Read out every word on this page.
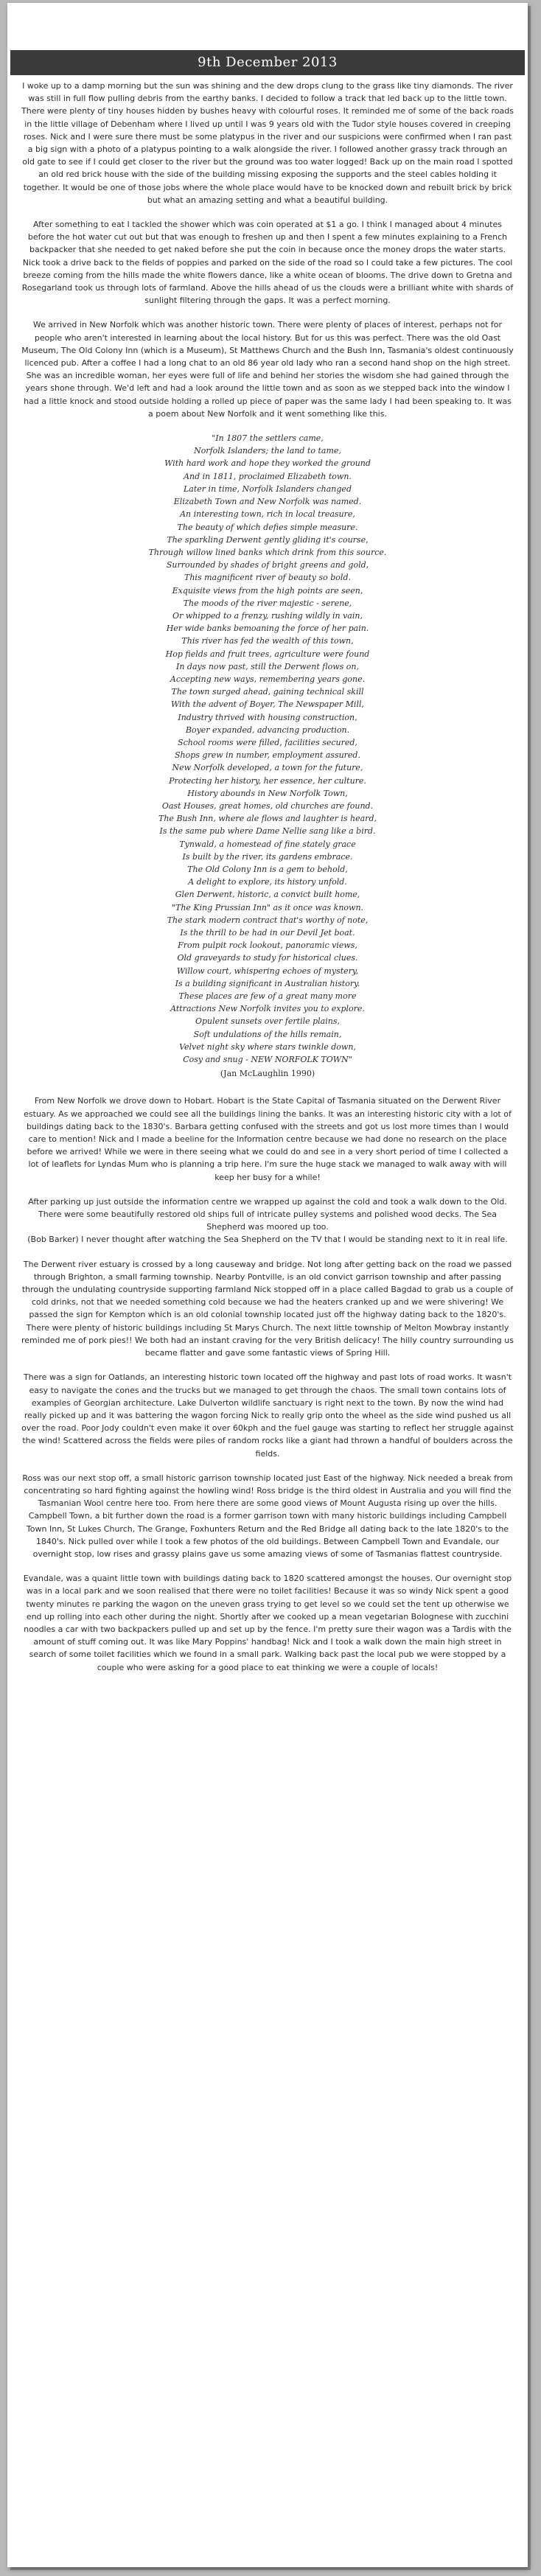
9th December 2013

I woke up to a damp morning but the sun was shining and the dew drops clung to the grass like tiny diamonds. The river was still in full flow pulling debris from the earthy banks. I decided to follow a track that led back up to the little town. There were plenty of tiny houses hidden by bushes heavy with colourful roses. It reminded me of some of the back roads in the little village of Debenham where I lived up until I was 9 years old with the Tudor style houses covered in creeping roses. Nick and I were sure there must be some platypus in the river and our suspicions were confirmed when I ran past a big sign with a photo of a platypus pointing to a walk alongside the river. I followed another grassy track through an old gate to see if I could get closer to the river but the ground was too water logged! Back up on the main road I spotted an old red brick house with the side of the building missing exposing the supports and the steel cables holding it together. It would be one of those jobs where the whole place would have to be knocked down and rebuilt brick by brick but what an amazing setting and what a beautiful building.

After something to eat I tackled the shower which was coin operated at $1 a go. I think I managed about 4 minutes before the hot water cut out but that was enough to freshen up and then I spent a few minutes explaining to a French backpacker that she needed to get naked before she put the coin in because once the money drops the water starts. Nick took a drive back to the fields of poppies and parked on the side of the road so I could take a few pictures. The cool breeze coming from the hills made the white flowers dance, like a white ocean of blooms. The drive down to Gretna and Rosegarland took us through lots of farmland. Above the hills ahead of us the clouds were a brilliant white with shards of sunlight filtering through the gaps. It was a perfect morning.

We arrived in New Norfolk which was another historic town. There were plenty of places of interest, perhaps not for people who aren't interested in learning about the local history. But for us this was perfect. There was the old Oast Museum, The Old Colony Inn (which is a Museum), St Matthews Church and the Bush Inn, Tasmania's oldest continuously licenced pub. After a coffee I had a long chat to an old 86 year old lady who ran a second hand shop on the high street. She was an incredible woman, her eyes were full of life and behind her stories the wisdom she had gained through the years shone through. We'd left and had a look around the little town and as soon as we stepped back into the window I had a little knock and stood outside holding a rolled up piece of paper was the same lady I had been speaking to. It was a poem about New Norfolk and it went something like this.

"In 1807 the settlers came,
Norfolk Islanders; the land to tame,
With hard work and hope they worked the ground
And in 1811, proclaimed Elizabeth town.
Later in time, Norfolk Islanders changed
Elizabeth Town and New Norfolk was named.
An interesting town, rich in local treasure,
The beauty of which defies simple measure.
The sparkling Derwent gently gliding it's course,
Through willow lined banks which drink from this source.
Surrounded by shades of bright greens and gold,
This magnificent river of beauty so bold.
Exquisite views from the high points are seen,
The moods of the river majestic - serene,
Or whipped to a frenzy, rushing wildly in vain,
Her wide banks bemoaning the force of her pain.
This river has fed the wealth of this town,
Hop fields and fruit trees, agriculture were found
In days now past, still the Derwent flows on,
Accepting new ways, remembering years gone.
The town surged ahead, gaining technical skill
With the advent of Boyer, The Newspaper Mill,
Industry thrived with housing construction,
Boyer expanded, advancing production.
School rooms were filled, facilities secured,
Shops grew in number, employment assured.
New Norfolk developed, a town for the future,
Protecting her history, her essence, her culture.
History abounds in New Norfolk Town,
Oast Houses, great homes, old churches are found.
The Bush Inn, where ale flows and laughter is heard,
Is the same pub where Dame Nellie sang like a bird.
Tynwald, a homestead of fine stately grace
Is built by the river, its gardens embrace.
The Old Colony Inn is a gem to behold,
A delight to explore, its history unfold.
Glen Derwent, historic, a convict built home,
"The King Prussian Inn" as it once was known.
The stark modern contract that's worthy of note,
Is the thrill to be had in our Devil Jet boat.
From pulpit rock lookout, panoramic views,
Old graveyards to study for historical clues.
Willow court, whispering echoes of mystery,
Is a building significant in Australian history.
These places are few of a great many more
Attractions New Norfolk invites you to explore.
Opulent sunsets over fertile plains,
Soft undulations of the hills remain,
Velvet night sky where stars twinkle down,
Cosy and snug - NEW NORFOLK TOWN"
(Jan McLaughlin 1990)

From New Norfolk we drove down to Hobart. Hobart is the State Capital of Tasmania situated on the Derwent River estuary. As we approached we could see all the buildings lining the banks. It was an interesting historic city with a lot of buildings dating back to the 1830's. Barbara getting confused with the streets and got us lost more times than I would care to mention! Nick and I made a beeline for the Information centre because we had done no research on the place before we arrived! While we were in there seeing what we could do and see in a very short period of time I collected a lot of leaflets for Lyndas Mum who is planning a trip here. I'm sure the huge stack we managed to walk away with will keep her busy for a while!

After parking up just outside the information centre we wrapped up against the cold and took a walk down to the Old. There were some beautifully restored old ships full of intricate pulley systems and polished wood decks. The Sea Shepherd was moored up too.
(Bob Barker) I never thought after watching the Sea Shepherd on the TV that I would be standing next to it in real life.

The Derwent river estuary is crossed by a long causeway and bridge. Not long after getting back on the road we passed through Brighton, a small farming township. Nearby Pontville, is an old convict garrison township and after passing through the undulating countryside supporting farmland Nick stopped off in a place called Bagdad to grab us a couple of cold drinks, not that we needed something cold because we had the heaters cranked up and we were shivering! We passed the sign for Kempton which is an old colonial township located just off the highway dating back to the 1820's. There were plenty of historic buildings including St Marys Church. The next little township of Melton Mowbray instantly reminded me of pork pies!! We both had an instant craving for the very British delicacy! The hilly country surrounding us became flatter and gave some fantastic views of Spring Hill.

There was a sign for Oatlands, an interesting historic town located off the highway and past lots of road works. It wasn't easy to navigate the cones and the trucks but we managed to get through the chaos. The small town contains lots of examples of Georgian architecture. Lake Dulverton wildlife sanctuary is right next to the town. By now the wind had really picked up and it was battering the wagon forcing Nick to really grip onto the wheel as the side wind pushed us all over the road. Poor Jody couldn't even make it over 60kph and the fuel gauge was starting to reflect her struggle against the wind! Scattered across the fields were piles of random rocks like a giant had thrown a handful of boulders across the fields.

Ross was our next stop off, a small historic garrison township located just East of the highway. Nick needed a break from concentrating so hard fighting against the howling wind! Ross bridge is the third oldest in Australia and you will find the Tasmanian Wool centre here too. From here there are some good views of Mount Augusta rising up over the hills. Campbell Town, a bit further down the road is a former garrison town with many historic buildings including Campbell Town Inn, St Lukes Church, The Grange, Foxhunters Return and the Red Bridge all dating back to the late 1820's to the 1840's. Nick pulled over while I took a few photos of the old buildings. Between Campbell Town and Evandale, our overnight stop, low rises and grassy plains gave us some amazing views of some of Tasmanias flattest countryside.

Evandale, was a quaint little town with buildings dating back to 1820 scattered amongst the houses. Our overnight stop was in a local park and we soon realised that there were no toilet facilities! Because it was so windy Nick spent a good twenty minutes re parking the wagon on the uneven grass trying to get level so we could set the tent up otherwise we end up rolling into each other during the night. Shortly after we cooked up a mean vegetarian Bolognese with zucchini noodles a car with two backpackers pulled up and set up by the fence. I'm pretty sure their wagon was a Tardis with the amount of stuff coming out. It was like Mary Poppins' handbag! Nick and I took a walk down the main high street in search of some toilet facilities which we found in a small park. Walking back past the local pub we were stopped by a couple who were asking for a good place to eat thinking we were a couple of locals!
